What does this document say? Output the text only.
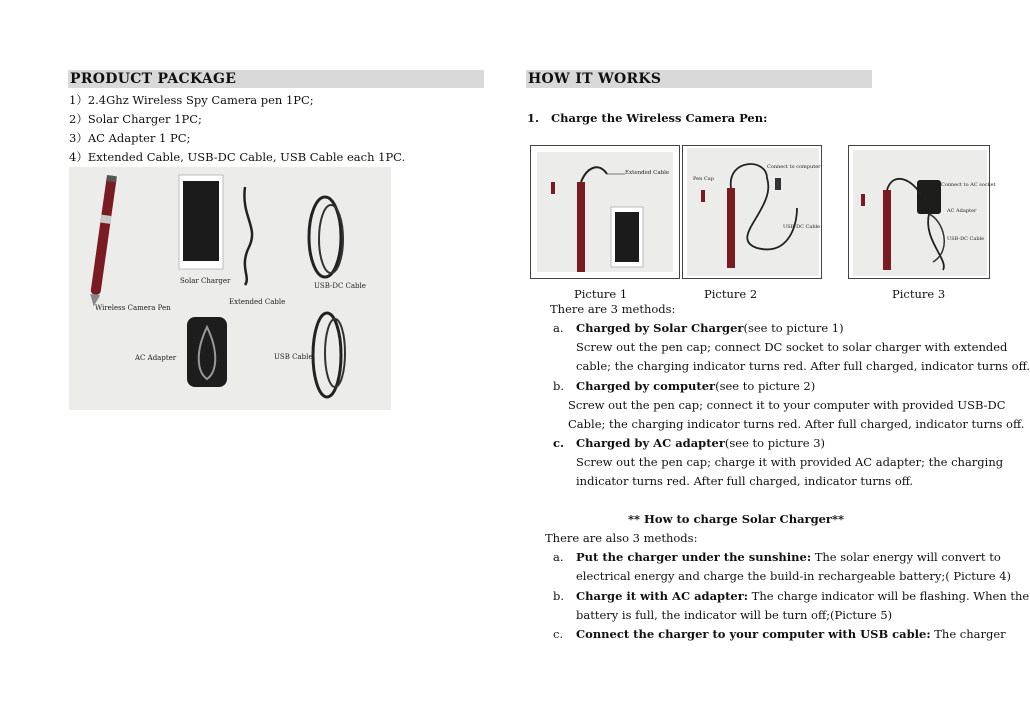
PRODUCT PACKAGE
1）2.4Ghz Wireless Spy Camera pen 1PC;
2）Solar Charger 1PC;
3）AC Adapter 1 PC;
4）Extended Cable, USB-DC Cable, USB Cable each 1PC.
Solar Charger
USB-DC Cable
Extended Cable
Wireless Camera Pen
AC Adapter	USB Cable
HOW IT WORKS
1.   Charge the Wireless Camera Pen:
Extended Cable
Pen Cap
Connect to computer
USB-DC Cable
Connect to AC socket
AC Adapter
USB-DC Cable
Picture 1	Picture 2	Picture 3
There are 3 methods:
a. Charged by Solar Charger(see to picture 1)
Screw out the pen cap; connect DC socket to solar charger with extended
cable; the charging indicator turns red. After full charged, indicator turns off.
b. Charged by computer(see to picture 2)
Screw out the pen cap; connect it to your computer with provided USB-DC
Cable; the charging indicator turns red. After full charged, indicator turns off.
c. Charged by AC adapter(see to picture 3)
Screw out the pen cap; charge it with provided AC adapter; the charging
indicator turns red. After full charged, indicator turns off.
** How to charge Solar Charger**
There are also 3 methods:
a. Put the charger under the sunshine: The solar energy will convert to
electrical energy and charge the build-in rechargeable battery;( Picture 4)
b. Charge it with AC adapter: The charge indicator will be flashing. When the
battery is full, the indicator will be turn off;(Picture 5)
c. Connect the charger to your computer with USB cable: The charger
